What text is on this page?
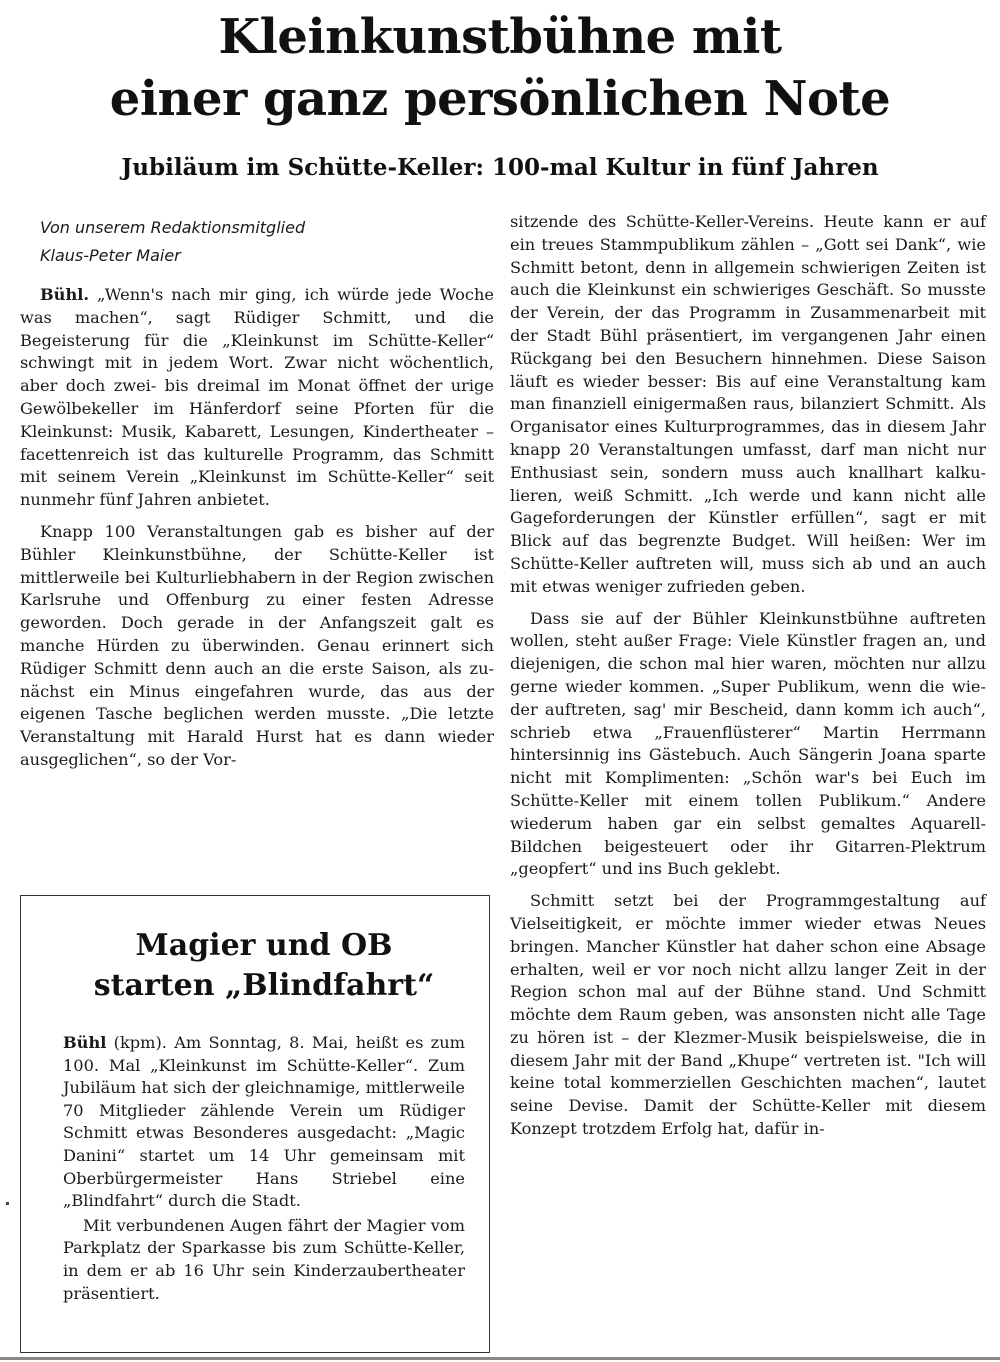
Kleinkunstbühne mit
einer ganz persönlichen Note
Jubiläum im Schütte-Keller: 100-mal Kultur in fünf Jahren
Von unserem Redaktionsmitglied
Klaus-Peter Maier

Bühl. „Wenn's nach mir ging, ich würde jede Woche was machen“, sagt Rüdiger Schmitt, und die Begeisterung für die „Kleinkunst im Schütte-Keller“ schwingt mit in jedem Wort. Zwar nicht wöchentlich, aber doch zwei- bis dreimal im Monat öffnet der urige Gewölbekeller im Hänferdorf seine Pforten für die Kleinkunst: Musik, Kabarett, Lesungen, Kindertheater – facettenreich ist das kulturelle Programm, das Schmitt mit seinem Verein „Kleinkunst im Schütte-Keller“ seit nunmehr fünf Jahren anbietet.

Knapp 100 Veranstaltungen gab es bisher auf der Bühler Kleinkunstbühne, der Schütte-Keller ist mittlerweile bei Kulturliebhabern in der Region zwischen Karlsruhe und Offenburg zu einer festen Adresse geworden. Doch gerade in der Anfangszeit galt es manche Hürden zu überwinden. Genau erinnert sich Rüdiger Schmitt denn auch an die erste Saison, als zunächst ein Minus eingefahren wurde, das aus der eigenen Tasche beglichen werden musste. „Die letzte Veranstaltung mit Harald Hurst hat es dann wieder ausgeglichen“, so der Vor-

sitzende des Schütte-Keller-Vereins. Heute kann er auf ein treues Stammpublikum zählen – „Gott sei Dank“, wie Schmitt betont, denn in allgemein schwierigen Zeiten ist auch die Kleinkunst ein schwieriges Geschäft. So musste der Verein, der das Programm in Zusammenarbeit mit der Stadt Bühl präsentiert, im vergangenen Jahr einen Rückgang bei den Besuchern hinnehmen. Diese Saison läuft es wieder besser: Bis auf eine Veranstaltung kam man finanziell einigermaßen raus, bilanziert Schmitt. Als Organisator eines Kulturprogrammes, das in diesem Jahr knapp 20 Veranstaltungen umfasst, darf man nicht nur Enthusiast sein, sondern muss auch knallhart kalkulieren, weiß Schmitt. „Ich werde und kann nicht alle Gageforderungen der Künstler erfüllen“, sagt er mit Blick auf das begrenzte Budget. Will heißen: Wer im Schütte-Keller auftreten will, muss sich ab und an auch mit etwas weniger zufrieden geben.

Dass sie auf der Bühler Kleinkunstbühne auftreten wollen, steht außer Frage: Viele Künstler fragen an, und diejenigen, die schon mal hier waren, möchten nur allzu gerne wieder kommen. „Super Publikum, wenn die wieder auftreten, sag' mir Bescheid, dann komm ich auch“, schrieb etwa „Frauenflüsterer“ Martin Herrmann hintersinnig ins Gästebuch. Auch Sängerin Joana sparte nicht mit Komplimenten: „Schön war's bei Euch im Schütte-Keller mit einem tollen Publikum.“ Andere wiederum haben gar ein selbst gemaltes Aquarell-Bildchen beigesteuert oder ihr Gitarren-Plektrum „geopfert“ und ins Buch geklebt.

Schmitt setzt bei der Programmgestaltung auf Vielseitigkeit, er möchte immer wieder etwas Neues bringen. Mancher Künstler hat daher schon eine Absage erhalten, weil er vor noch nicht allzu langer Zeit in der Region schon mal auf der Bühne stand. Und Schmitt möchte dem Raum geben, was ansonsten nicht alle Tage zu hören ist – der Klezmer-Musik beispielsweise, die in diesem Jahr mit der Band „Khupe“ vertreten ist. "Ich will keine total kommerziellen Geschichten machen“, lautet seine Devise. Damit der Schütte-Keller mit diesem Konzept trotzdem Erfolg hat, dafür in-

Magier und OB
starten „Blindfahrt“

Bühl (kpm). Am Sonntag, 8. Mai, heißt es zum 100. Mal „Kleinkunst im Schütte-Keller“. Zum Jubiläum hat sich der gleichnamige, mittlerweile 70 Mitglieder zählende Verein um Rüdiger Schmitt etwas Besonderes ausgedacht: „Magic Danini“ startet um 14 Uhr gemeinsam mit Oberbürgermeister Hans Striebel eine „Blindfahrt“ durch die Stadt.

Mit verbundenen Augen fährt der Magier vom Parkplatz der Sparkasse bis zum Schütte-Keller, in dem er ab 16 Uhr sein Kinderzaubertheater präsentiert.
